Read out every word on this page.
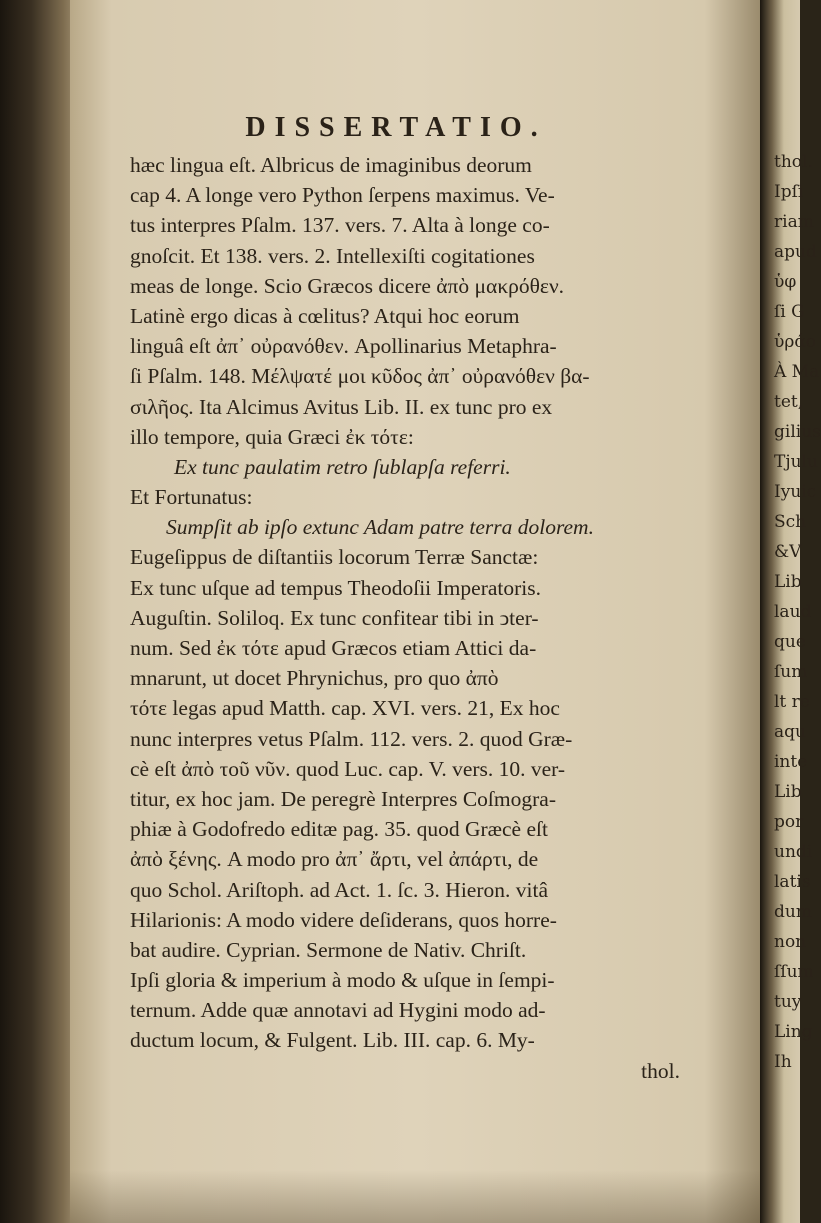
thol.
Ipſi
riam
apud
ὑφ
ſi G
ὑράο
À Ma
tet,
gilius
Tjulu
Iyuic
Sch
&V
Lib
laud
que
ſum
lt re
aqu
inte
Lib
por
undi
latis
dum
non
ſſum
tuy
Ling
Ih
DISSERTATIO.
hæc lingua eſt. Albricus de imaginibus deorum
cap 4. A longe vero Python ſerpens maximus. Ve-
tus interpres Pſalm. 137. vers. 7. Alta à longe co-
gnoſcit. Et 138. vers. 2. Intellexiſti cogitationes
meas de longe. Scio Græcos dicere ἀπὸ μακρόθεν.
Latinè ergo dicas à cœlitus? Atqui hoc eorum
linguâ eſt ἀπ᾽ οὐρανόθεν. Apollinarius Metaphra-
ſi Pſalm. 148. Μέλψατέ μοι κῦδος ἀπ᾽ οὐρανόθεν βα-
σιλῆος. Ita Alcimus Avitus Lib. II. ex tunc pro ex
illo tempore, quia Græci ἐκ τότε:
Ex tunc paulatim retro ſublapſa referri.
Et Fortunatus:
Sumpſit ab ipſo extunc Adam patre terra dolorem.
Eugeſippus de diſtantiis locorum Terræ Sanctæ:
Ex tunc uſque ad tempus Theodoſii Imperatoris.
Auguſtin. Soliloq. Ex tunc confitear tibi in ↄter-
num. Sed ἐκ τότε apud Græcos etiam Attici da-
mnarunt, ut docet Phrynichus, pro quo ἀπὸ
τότε legas apud Matth. cap. XVI. vers. 21, Ex hoc
nunc interpres vetus Pſalm. 112. vers. 2. quod Græ-
cè eſt ἀπὸ τοῦ νῦν. quod Luc. cap. V. vers. 10. ver-
titur, ex hoc jam. De peregrè Interpres Coſmogra-
phiæ à Godofredo editæ pag. 35. quod Græcè eſt
ἀπὸ ξένης. A modo pro ἀπ᾽ ἄρτι, vel ἀπάρτι, de
quo Schol. Ariſtoph. ad Act. 1. ſc. 3. Hieron. vitâ
Hilarionis: A modo videre deſiderans, quos horre-
bat audire. Cyprian. Sermone de Nativ. Chriſt.
Ipſi gloria & imperium à modo & uſque in ſempi-
ternum. Adde quæ annotavi ad Hygini modo ad-
ductum locum, & Fulgent. Lib. III. cap. 6. My-
thol.
